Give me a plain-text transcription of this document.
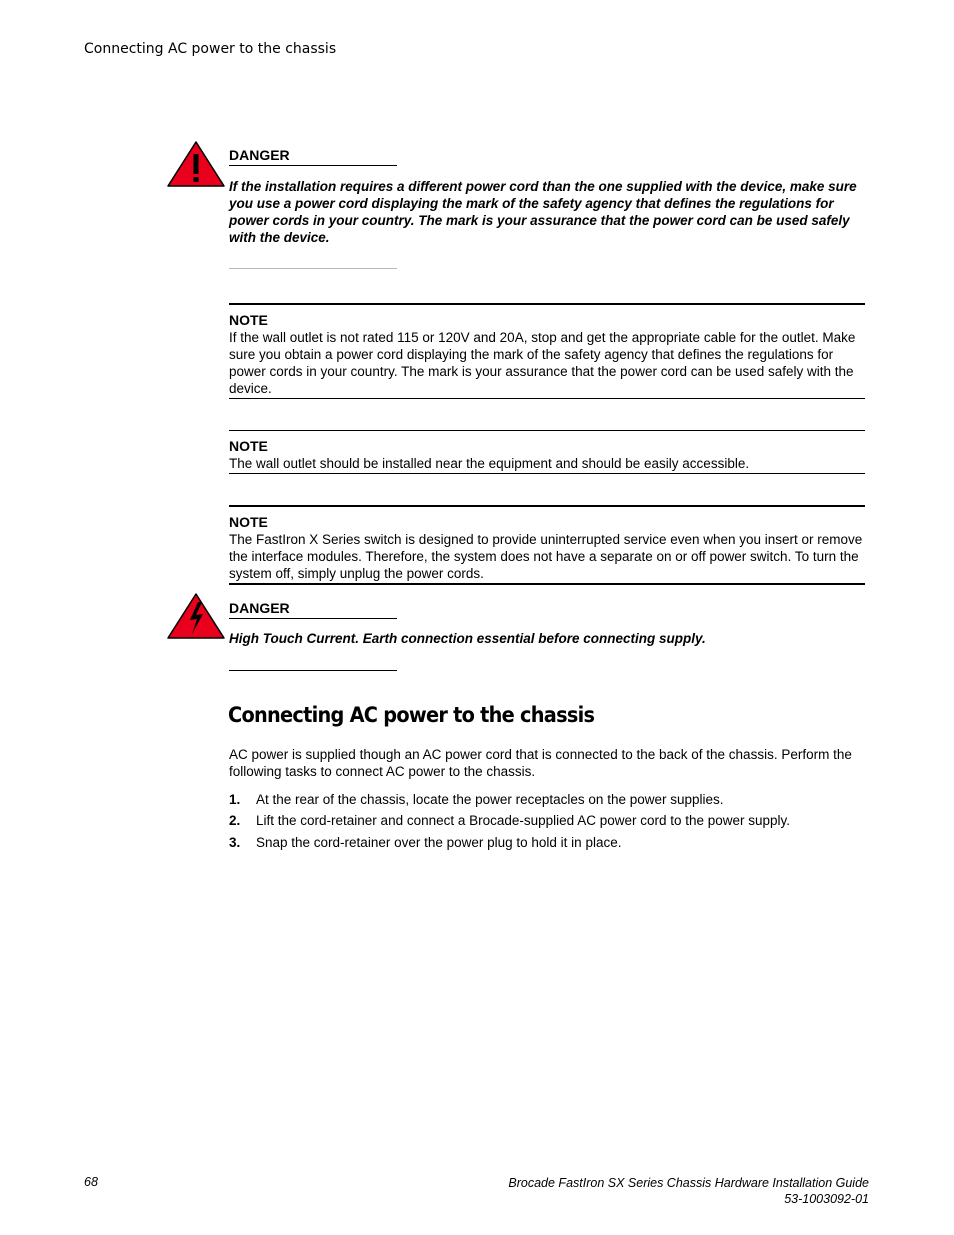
Connecting AC power to the chassis
DANGER
If the installation requires a different power cord than the one supplied with the device, make sure you use a power cord displaying the mark of the safety agency that defines the regulations for power cords in your country. The mark is your assurance that the power cord can be used safely with the device.
NOTE
If the wall outlet is not rated 115 or 120V and 20A, stop and get the appropriate cable for the outlet. Make sure you obtain a power cord displaying the mark of the safety agency that defines the regulations for power cords in your country. The mark is your assurance that the power cord can be used safely with the device.
NOTE
The wall outlet should be installed near the equipment and should be easily accessible.
NOTE
The FastIron X Series switch is designed to provide uninterrupted service even when you insert or remove the interface modules. Therefore, the system does not have a separate on or off power switch. To turn the system off, simply unplug the power cords.
DANGER
High Touch Current. Earth connection essential before connecting supply.
Connecting AC power to the chassis
AC power is supplied though an AC power cord that is connected to the back of the chassis. Perform the following tasks to connect AC power to the chassis.
1. At the rear of the chassis, locate the power receptacles on the power supplies.
2. Lift the cord-retainer and connect a Brocade-supplied AC power cord to the power supply.
3. Snap the cord-retainer over the power plug to hold it in place.
68	Brocade FastIron SX Series Chassis Hardware Installation Guide
53-1003092-01
